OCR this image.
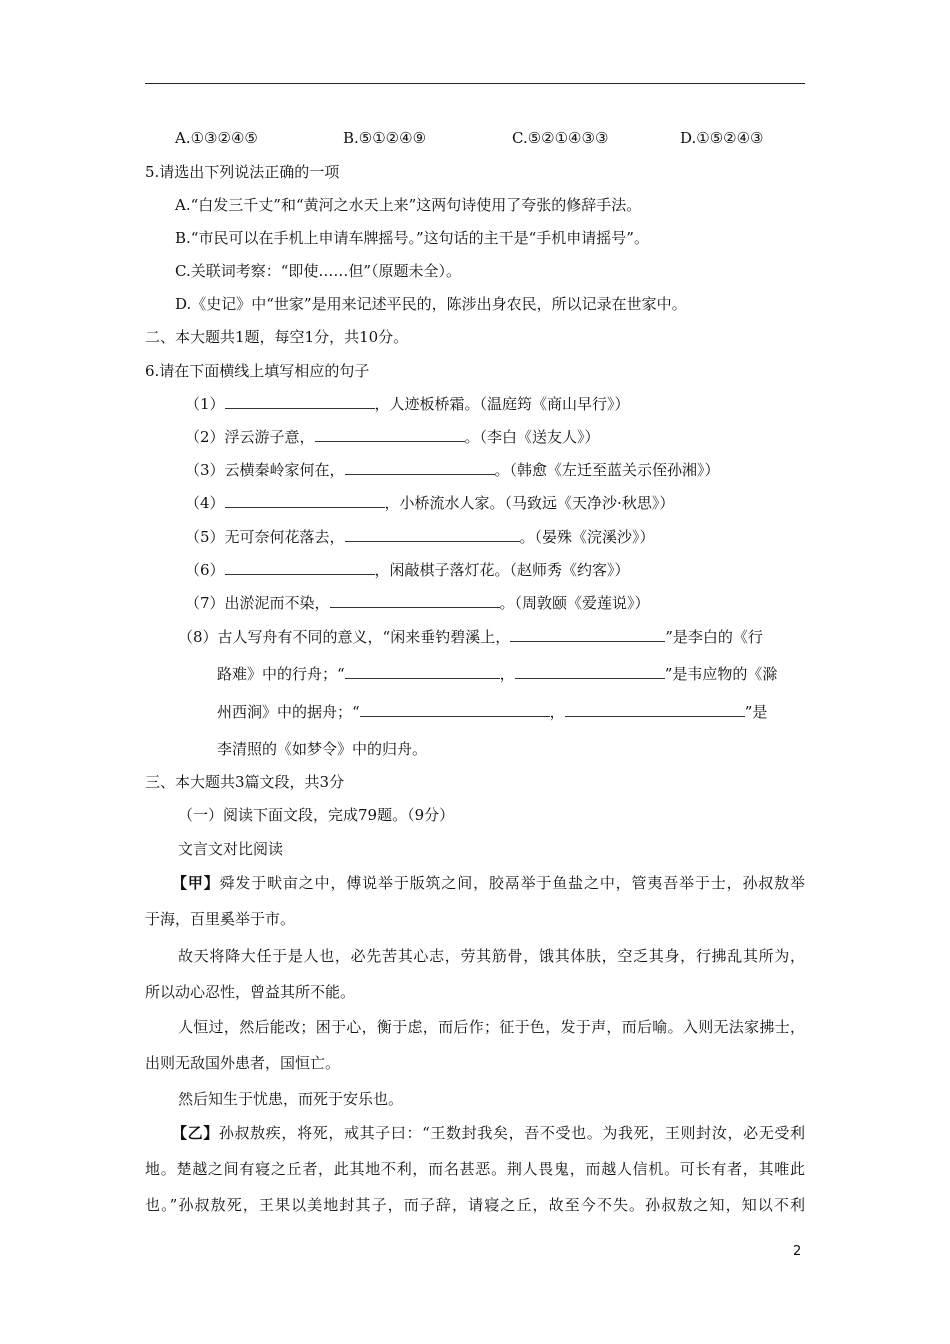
A.①③②④⑤	B.⑤①②④⑨	C.⑤②①④③③	D.①⑤②④③
5.请选出下列说法正确的一项
A.“白发三千丈”和“黄河之水天上来”这两句诗使用了夸张的修辞手法。
B.“市民可以在手机上申请车牌摇号。”这句话的主干是“手机申请摇号”。
C.关联词考察：“即使……但”（原题未全）。
D.《史记》中“世家”是用来记述平民的，陈涉出身农民，所以记录在世家中。
二、本大题共1题，每空1分，共10分。
6.请在下面横线上填写相应的句子
（1）	，人迹板桥霜。（温庭筠《商山早行》）
（2）浮云游子意，	。（李白《送友人》）
（3）云横秦岭家何在，	。（韩愈《左迁至蓝关示侄孙湘》）
（4）	，小桥流水人家。（马致远《天净沙·秋思》）
（5）无可奈何花落去，	。（晏殊《浣溪沙》）
（6）	，闲敲棋子落灯花。（赵师秀《约客》）
（7）出淤泥而不染，	。（周敦颐《爱莲说》）
（8）古人写舟有不同的意义，“闲来垂钓碧溪上，	”是李白的《行
路难》中的行舟；“	，	”是韦应物的《滁
州西涧》中的据舟；“	，	”是
李清照的《如梦令》中的归舟。
三、本大题共3篇文段，共3分
（一）阅读下面文段，完成79题。（9分）
文言文对比阅读
【甲】舜发于畎亩之中，傅说举于版筑之间，胶鬲举于鱼盐之中，管夷吾举于士，孙叔敖举
于海，百里奚举于市。
故天将降大任于是人也，必先苦其心志，劳其筋骨，饿其体肤，空乏其身，行拂乱其所为，
所以动心忍性，曾益其所不能。
人恒过，然后能改；困于心，衡于虑，而后作；征于色，发于声，而后喻。入则无法家拂士，
出则无敌国外患者，国恒亡。
然后知生于忧患，而死于安乐也。
【乙】孙叔敖疾，将死，戒其子曰：“王数封我矣，吾不受也。为我死，王则封汝，必无受利
地。楚越之间有寝之丘者，此其地不利，而名甚恶。荆人畏鬼，而越人信机。可长有者，其唯此
也。”孙叔敖死，王果以美地封其子，而子辞，请寝之丘，故至今不失。孙叔敖之知，知以不利
2
